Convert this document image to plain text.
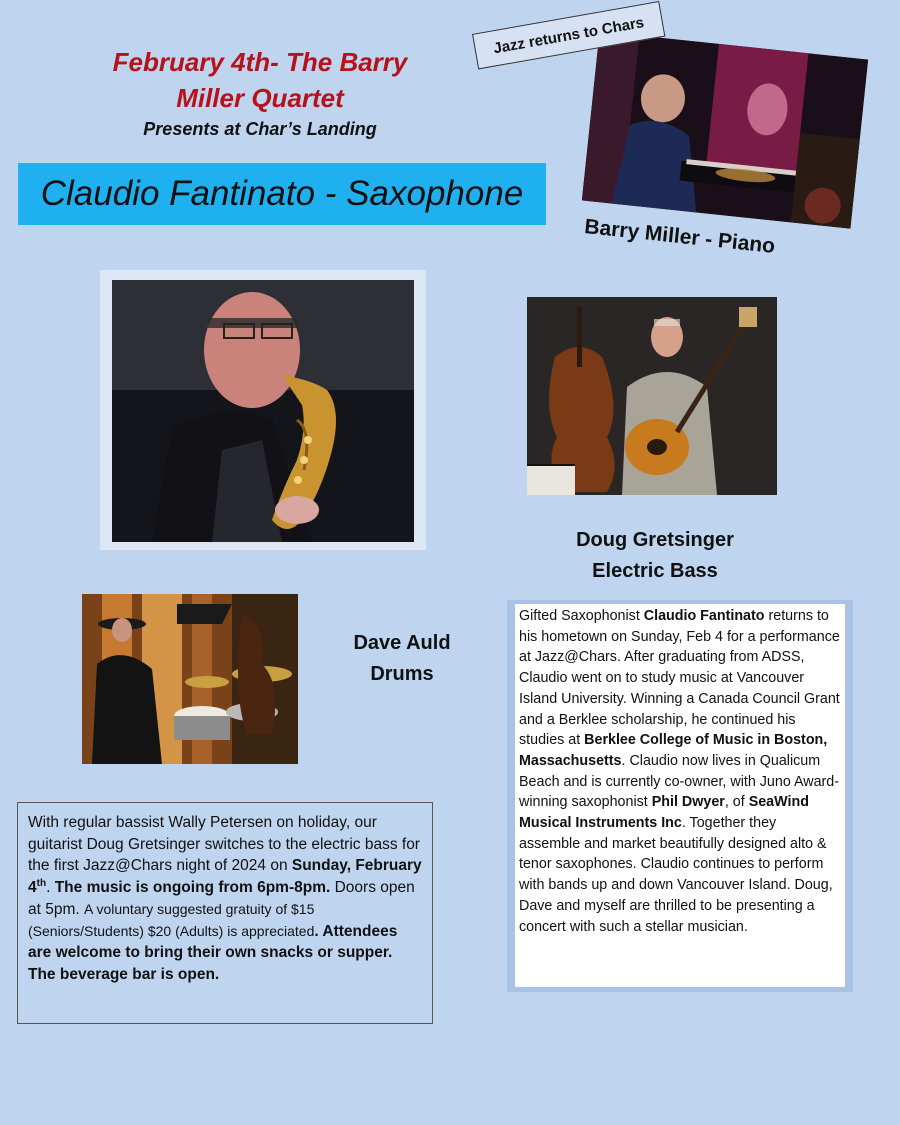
February 4th- The Barry
Miller Quartet
Presents at Char’s Landing
Claudio Fantinato - Saxophone
Jazz returns to Chars
Barry Miller - Piano
Doug Gretsinger
Electric Bass
Dave Auld
Drums
Gifted Saxophonist Claudio Fantinato returns to his hometown on Sunday, Feb 4 for a performance at Jazz@Chars. After graduating from ADSS, Claudio went on to study music at Vancouver Island University. Winning a Canada Council Grant and a Berklee scholarship, he continued his studies at Berklee College of Music in Boston, Massachusetts. Claudio now lives in Qualicum Beach and is currently co-owner, with Juno Award-winning saxophonist Phil Dwyer, of SeaWind Musical Instruments Inc. Together they assemble and market beautifully designed alto & tenor saxophones. Claudio continues to perform with bands up and down Vancouver Island. Doug, Dave and myself are thrilled to be presenting a concert with such a stellar musician.
With regular bassist Wally Petersen on holiday, our guitarist Doug Gretsinger switches to the electric bass for the first Jazz@Chars night of 2024 on Sunday, February 4th. The music is ongoing from 6pm-8pm. Doors open at 5pm. A voluntary suggested gratuity of $15 (Seniors/Students) $20 (Adults) is appreciated. Attendees are welcome to bring their own snacks or supper. The beverage bar is open.
